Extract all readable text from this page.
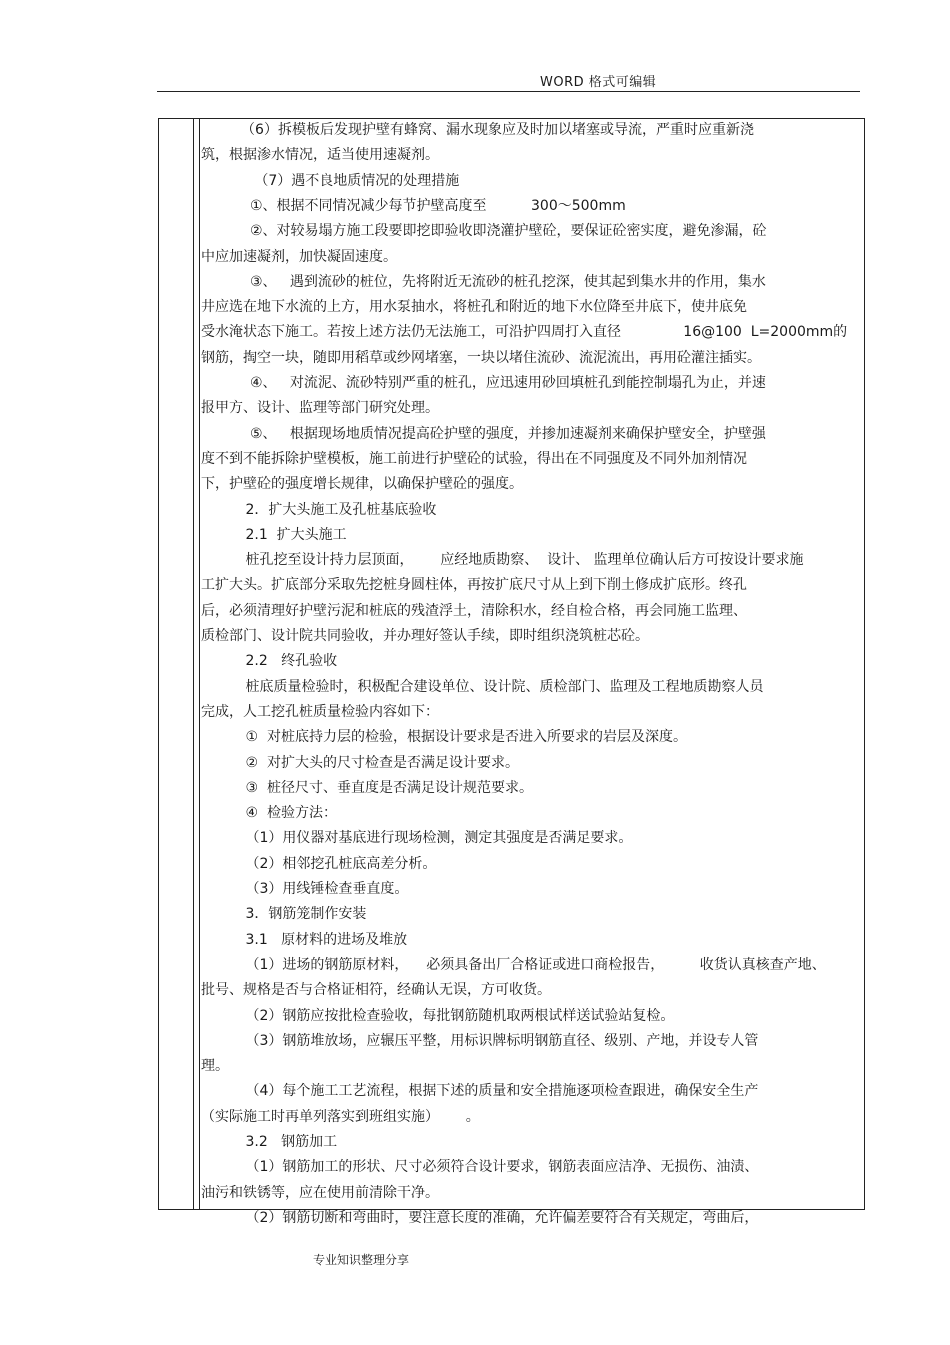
WORD 格式可编辑
（6）拆模板后发现护壁有蜂窝、漏水现象应及时加以堵塞或导流，严重时应重新浇
筑，根据渗水情况，适当使用速凝剂。
（7）遇不良地质情况的处理措施
①、根据不同情况减少每节护壁高度至          300～500mm
②、对较易塌方施工段要即挖即验收即浇灌护壁砼，要保证砼密实度，避免渗漏，砼
中应加速凝剂，加快凝固速度。
③、   遇到流砂的桩位，先将附近无流砂的桩孔挖深，使其起到集水井的作用，集水
井应选在地下水流的上方，用水泵抽水，将桩孔和附近的地下水位降至井底下，使井底免
受水淹状态下施工。若按上述方法仍无法施工，可沿护四周打入直径              16@100  L=2000mm的
钢筋，掏空一块，随即用稻草或纱网堵塞，一块以堵住流砂、流泥流出，再用砼灌注插实。
④、   对流泥、流砂特别严重的桩孔，应迅速用砂回填桩孔到能控制塌孔为止，并速
报甲方、设计、监理等部门研究处理。
⑤、   根据现场地质情况提高砼护壁的强度，并掺加速凝剂来确保护壁安全，护壁强
度不到不能拆除护壁模板，施工前进行护壁砼的试验，得出在不同强度及不同外加剂情况
下，护壁砼的强度增长规律，以确保护壁砼的强度。
2．扩大头施工及孔桩基底验收
2.1  扩大头施工
桩孔挖至设计持力层顶面，      应经地质勘察、  设计、 监理单位确认后方可按设计要求施
工扩大头。扩底部分采取先挖桩身圆柱体，再按扩底尺寸从上到下削土修成扩底形。终孔
后，必须清理好护壁污泥和桩底的残渣浮土，清除积水，经自检合格，再会同施工监理、
质检部门、设计院共同验收，并办理好签认手续，即时组织浇筑桩芯砼。
2.2   终孔验收
桩底质量检验时，积极配合建设单位、设计院、质检部门、监理及工程地质勘察人员
完成，人工挖孔桩质量检验内容如下：
①  对桩底持力层的检验，根据设计要求是否进入所要求的岩层及深度。
②  对扩大头的尺寸检查是否满足设计要求。
③  桩径尺寸、垂直度是否满足设计规范要求。
④  检验方法：
（1）用仪器对基底进行现场检测，测定其强度是否满足要求。
（2）相邻挖孔桩底高差分析。
（3）用线锤检查垂直度。
3．钢筋笼制作安装
3.1   原材料的进场及堆放
（1）进场的钢筋原材料，    必须具备出厂合格证或进口商检报告，        收货认真核查产地、
批号、规格是否与合格证相符，经确认无误，方可收货。
（2）钢筋应按批检查验收，每批钢筋随机取两根试样送试验站复检。
（3）钢筋堆放场，应辗压平整，用标识牌标明钢筋直径、级别、产地，并设专人管
理。
（4）每个施工工艺流程，根据下述的质量和安全措施逐项检查跟进，确保安全生产
（实际施工时再单列落实到班组实施）      。
3.2   钢筋加工
（1）钢筋加工的形状、尺寸必须符合设计要求，钢筋表面应洁净、无损伤、油渍、
油污和铁锈等，应在使用前清除干净。
（2）钢筋切断和弯曲时，要注意长度的准确，允许偏差要符合有关规定，弯曲后，
专业知识整理分享
